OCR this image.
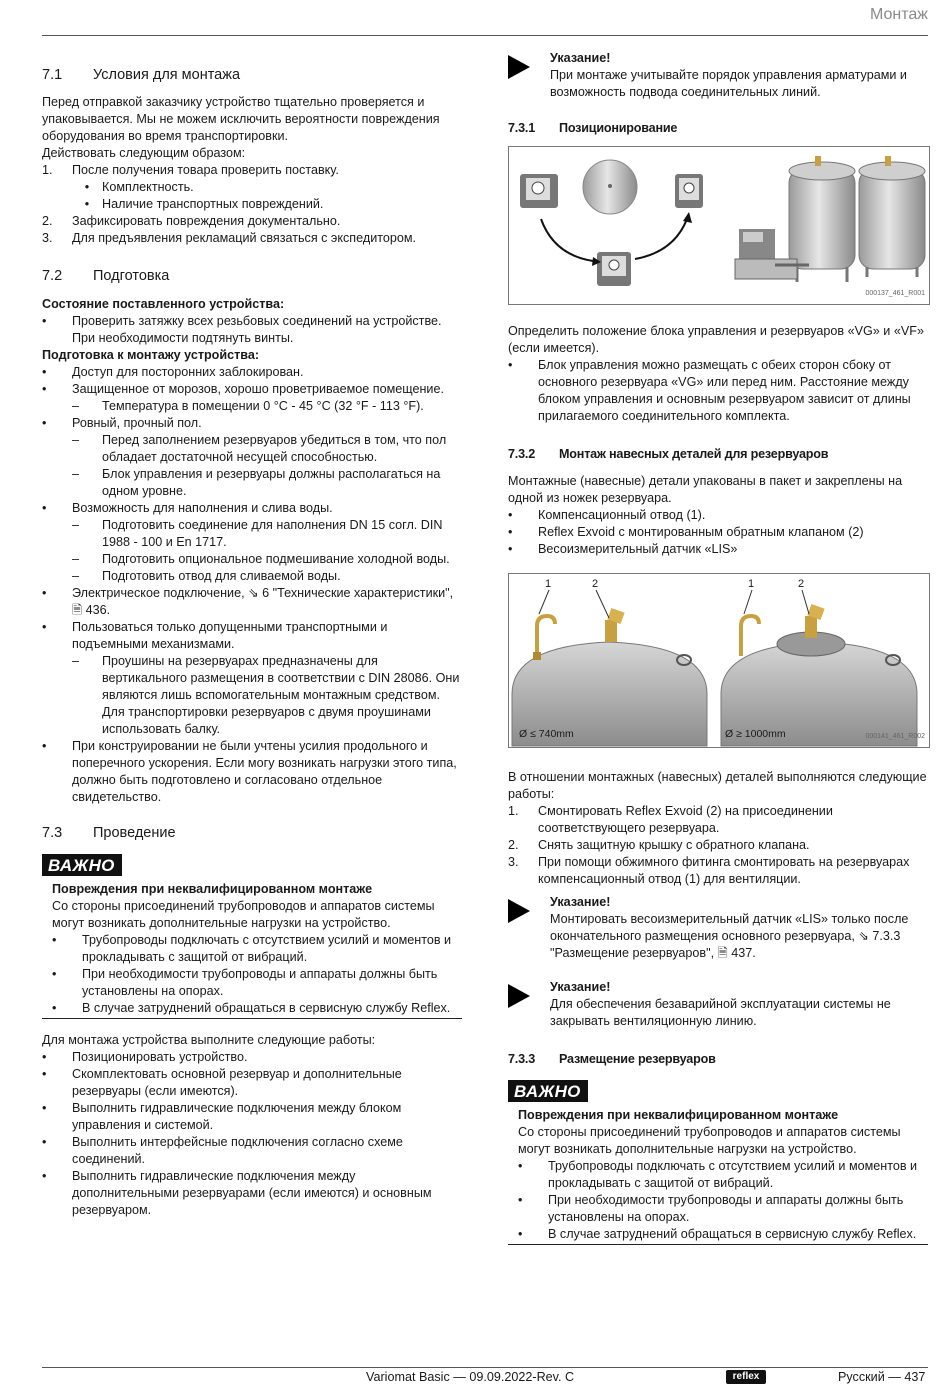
Монтаж
7.1	Условия для монтажа

Перед отправкой заказчику устройство тщательно проверяется и упаковывается. Мы не можем исключить вероятности повреждения оборудования во время транспортировки.

Действовать следующим образом:

1.	После получения товара проверить поставку.
•	Комплектность.
•	Наличие транспортных повреждений.
2.	Зафиксировать повреждения документально.
3.	Для предъявления рекламаций связаться с экспедитором.
7.2	Подготовка

Состояние поставленного устройства:

•	Проверить затяжку всех резьбовых соединений на устройстве. При необходимости подтянуть винты.

Подготовка к монтажу устройства:

•	Доступ для посторонних заблокирован.
•	Защищенное от морозов, хорошо проветриваемое помещение.
–	Температура в помещении 0 °C - 45 °C (32 °F - 113 °F).
•	Ровный, прочный пол.
–	Перед заполнением резервуаров убедиться в том, что пол обладает достаточной несущей способностью.
–	Блок управления и резервуары должны располагаться на одном уровне.
•	Возможность для наполнения и слива воды.
–	Подготовить соединение для наполнения DN 15 согл. DIN 1988 - 100 и En 1717.
–	Подготовить опциональное подмешивание холодной воды.
–	Подготовить отвод для сливаемой воды.
•	Электрическое подключение, ⇘ 6 "Технические характеристики", 🗎 436.
•	Пользоваться только допущенными транспортными и подъемными механизмами.
–	Проушины на резервуарах предназначены для вертикального размещения в соответствии с DIN 28086. Они являются лишь вспомогательным монтажным средством. Для транспортировки резервуаров с двумя проушинами использовать балку.
•	При конструировании не были учтены усилия продольного и поперечного ускорения. Если могу возникать нагрузки этого типа, должно быть подготовлено и согласовано отдельное свидетельство.
7.3	Проведение
ВАЖНО

Повреждения при неквалифицированном монтаже

Со стороны присоединений трубопроводов и аппаратов системы могут возникать дополнительные нагрузки на устройство.

•	Трубопроводы подключать с отсутствием усилий и моментов и прокладывать с защитой от вибраций.
•	При необходимости трубопроводы и аппараты должны быть установлены на опорах.
•	В случае затруднений обращаться в сервисную службу Reflex.

Для монтажа устройства выполните следующие работы:

•	Позиционировать устройство.
•	Скомплектовать основной резервуар и дополнительные резервуары (если имеются).
•	Выполнить гидравлические подключения между блоком управления и системой.
•	Выполнить интерфейсные подключения согласно схеме соединений.
•	Выполнить гидравлические подключения между дополнительными резервуарами (если имеются) и основным резервуаром.

Указание!

При монтаже учитывайте порядок управления арматурами и возможность подвода соединительных линий.

7.3.1	Позиционирование
000137_461_R001

Определить положение блока управления и резервуаров «VG» и «VF» (если имеется).

•	Блок управления можно размещать с обеих сторон сбоку от основного резервуара «VG» или перед ним. Расстояние между блоком управления и основным резервуаром зависит от длины прилагаемого соединительного комплекта.
7.3.2	Монтаж навесных деталей для резервуаров

Монтажные (навесные) детали упакованы в пакет и закреплены на одной из ножек резервуара.

•	Компенсационный отвод (1).
•	Reflex Exvoid с монтированным обратным клапаном (2)
•	Весоизмерительный датчик «LIS»
1	2	1	2
Ø ≤ 740mm	Ø ≥ 1000mm	000141_461_R002

В отношении монтажных (навесных) деталей выполняются следующие работы:

1.	Смонтировать Reflex Exvoid (2) на присоединении соответствующего резервуара.
2.	Снять защитную крышку с обратного клапана.
3.	При помощи обжимного фитинга смонтировать на резервуарах компенсационный отвод (1) для вентиляции.

Указание!

Монтировать весоизмерительный датчик «LIS» только после окончательного размещения основного резервуара, ⇘ 7.3.3 "Размещение резервуаров", 🗎 437.

Указание!

Для обеспечения безаварийной эксплуатации системы не закрывать вентиляционную линию.

7.3.3	Размещение резервуаров
ВАЖНО

Повреждения при неквалифицированном монтаже

Со стороны присоединений трубопроводов и аппаратов системы могут возникать дополнительные нагрузки на устройство.

•	Трубопроводы подключать с отсутствием усилий и моментов и прокладывать с защитой от вибраций.
•	При необходимости трубопроводы и аппараты должны быть установлены на опорах.
•	В случае затруднений обращаться в сервисную службу Reflex.
Variomat Basic — 09.09.2022-Rev. C	reflex	Русский — 437
